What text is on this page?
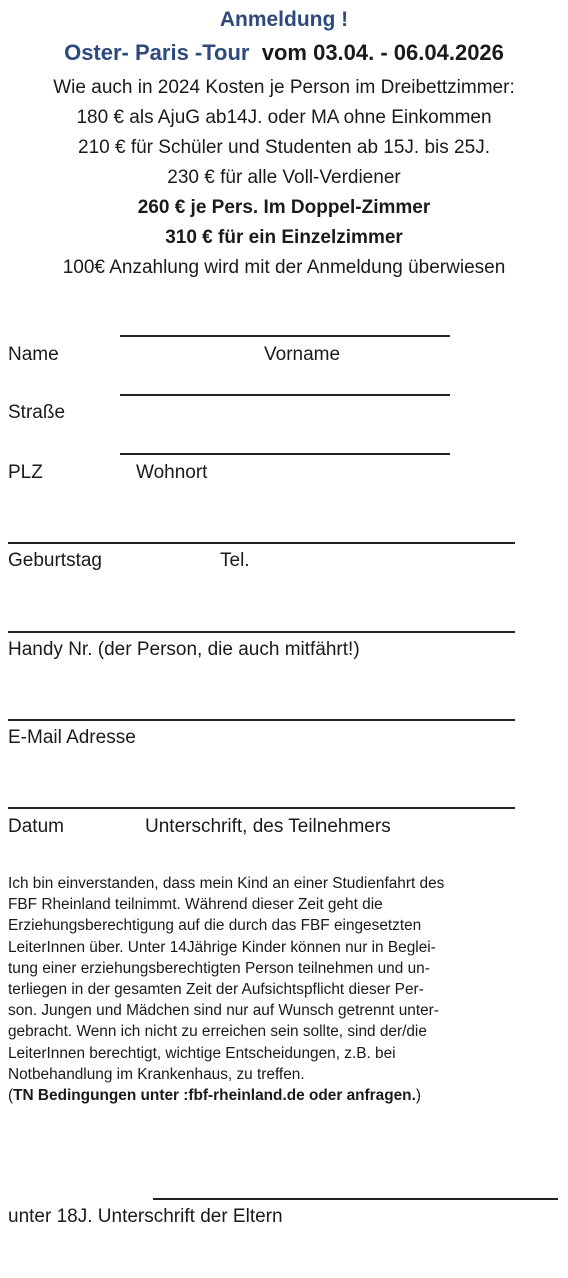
Anmeldung !
Oster- Paris -Tour vom 03.04. - 06.04.2026
Wie auch in 2024 Kosten je Person im Dreibettzimmer:
180 € als AjuG ab14J. oder MA ohne Einkommen
210 € für Schüler und Studenten ab 15J. bis 25J.
230 € für alle Voll-Verdiener
260 € je Pers. Im Doppel-Zimmer
310 € für ein Einzelzimmer
100€ Anzahlung wird mit der Anmeldung überwiesen
Name	Vorname
Straße
PLZ	Wohnort
Geburtstag	Tel.
Handy Nr. (der Person, die auch mitfährt!)
E-Mail Adresse
Datum	Unterschrift, des Teilnehmers

Ich bin einverstanden, dass mein Kind an einer Studienfahrt des

FBF Rheinland teilnimmt. Während dieser Zeit geht die

Erziehungsberechtigung auf die durch das FBF eingesetzten

LeiterInnen über. Unter 14Jährige Kinder können nur in Beglei-

tung einer erziehungsberechtigten Person teilnehmen und un-

terliegen in der gesamten Zeit der Aufsichtspflicht dieser Per-

son. Jungen und Mädchen sind nur auf Wunsch getrennt unter-

gebracht. Wenn ich nicht zu erreichen sein sollte, sind der/die

LeiterInnen berechtigt, wichtige Entscheidungen, z.B. bei

Notbehandlung im Krankenhaus, zu treffen.

(TN Bedingungen unter :fbf-rheinland.de oder anfragen.)
unter 18J. Unterschrift der Eltern
